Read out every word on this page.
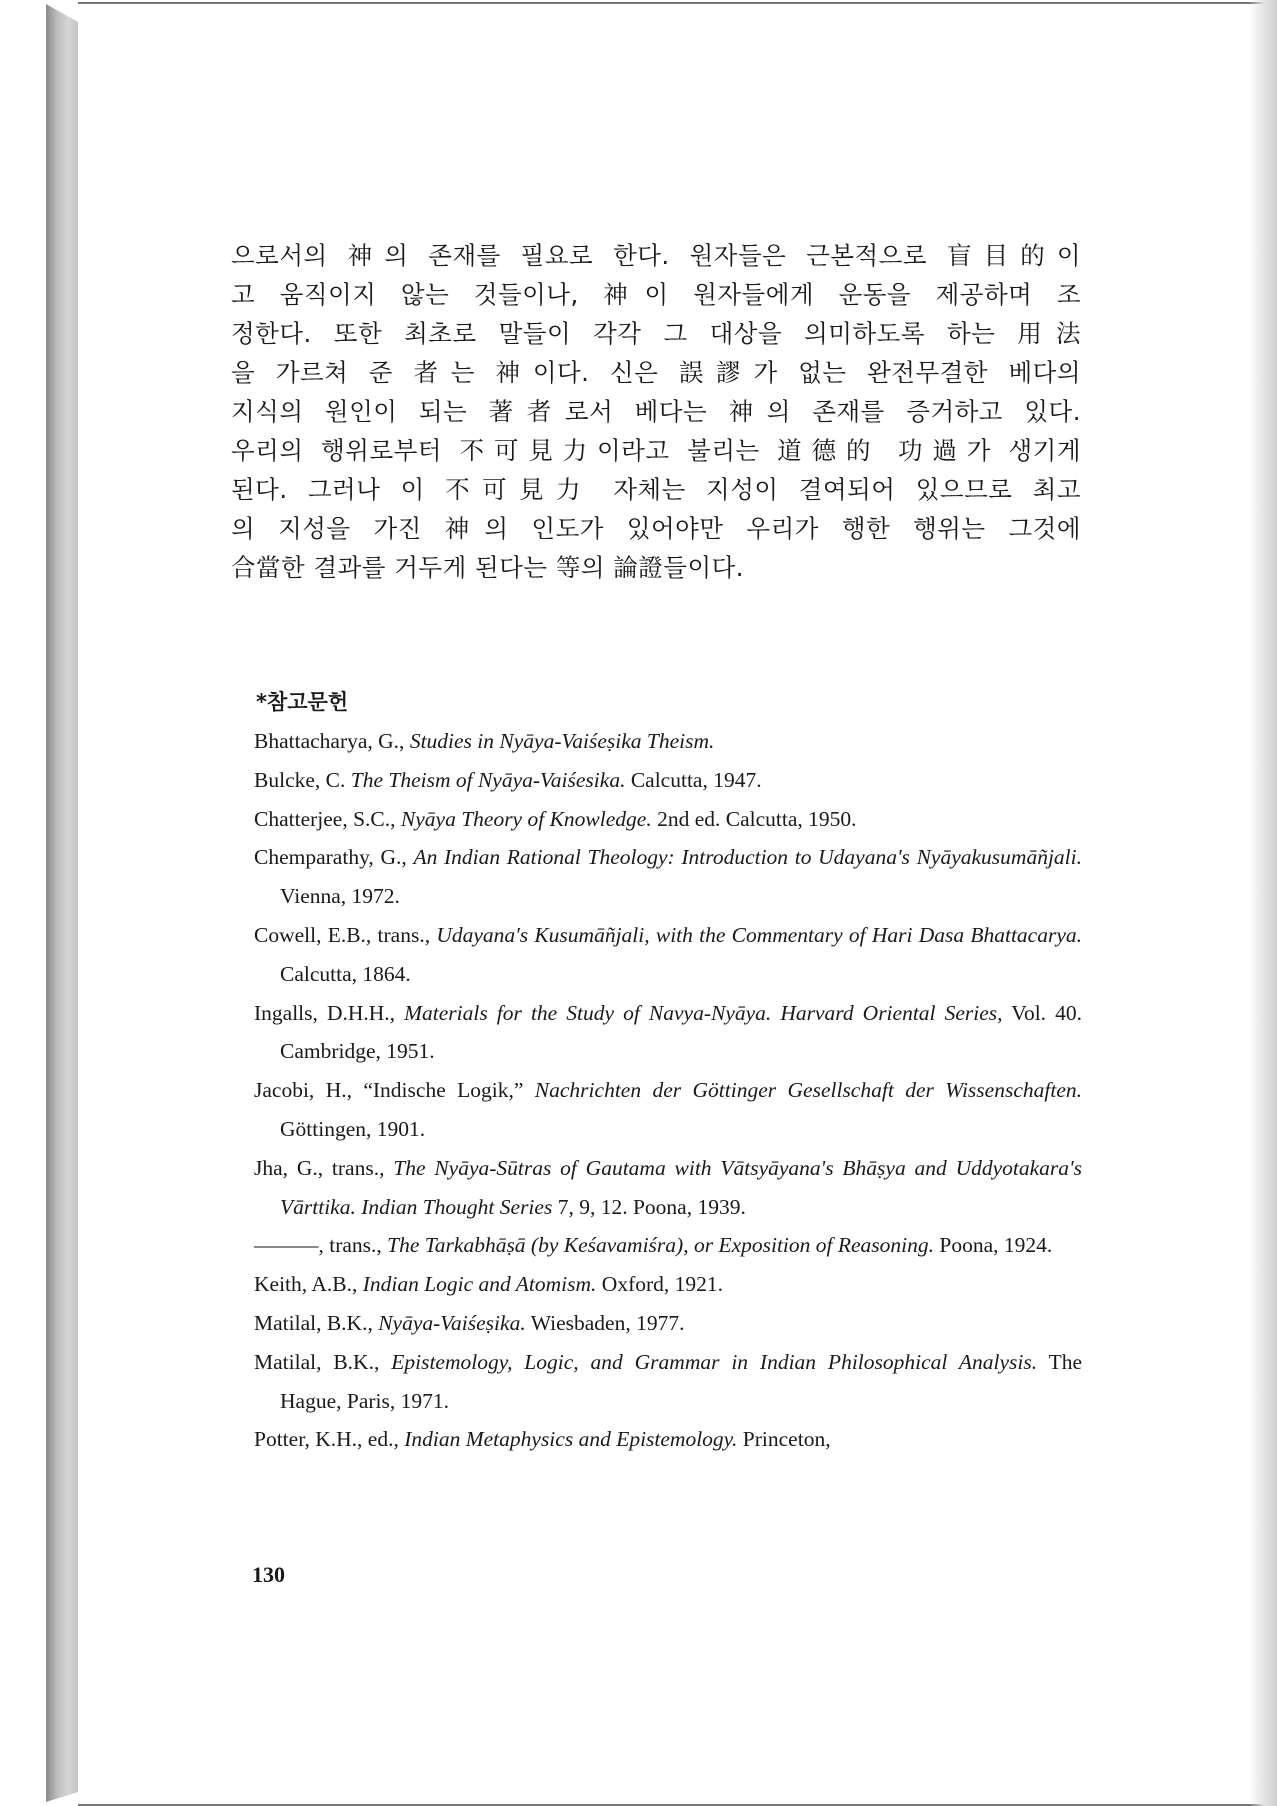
으로서의 神의 존재를 필요로 한다. 원자들은 근본적으로 盲目的이
고 움직이지 않는 것들이나, 神이 원자들에게 운동을 제공하며 조
정한다. 또한 최초로 말들이 각각 그 대상을 의미하도록 하는 用法
을 가르쳐 준 者는 神이다. 신은 誤謬가 없는 완전무결한 베다의
지식의 원인이 되는 著者로서 베다는 神의 존재를 증거하고 있다.
우리의 행위로부터 不可見力이라고 불리는 道德的 功過가 생기게
된다. 그러나 이 不可見力 자체는 지성이 결여되어 있으므로 최고
의 지성을 가진 神의 인도가 있어야만 우리가 행한 행위는 그것에
合當한 결과를 거두게 된다는 等의 論證들이다.

*참고문헌
Bhattacharya, G., Studies in Nyāya-Vaiśeṣika Theism.
Bulcke, C. The Theism of Nyāya-Vaiśesika. Calcutta, 1947.
Chatterjee, S.C., Nyāya Theory of Knowledge. 2nd ed. Calcutta, 1950.
Chemparathy, G., An Indian Rational Theology: Introduction to Udayana's Nyāyakusumāñjali. Vienna, 1972.
Cowell, E.B., trans., Udayana's Kusumāñjali, with the Commentary of Hari Dasa Bhattacarya. Calcutta, 1864.
Ingalls, D.H.H., Materials for the Study of Navya-Nyāya. Harvard Oriental Series, Vol. 40. Cambridge, 1951.
Jacobi, H., “Indische Logik,” Nachrichten der Göttinger Gesellschaft der Wissenschaften. Göttingen, 1901.
Jha, G., trans., The Nyāya-Sūtras of Gautama with Vātsyāyana's Bhāṣya and Uddyotakara's Vārttika. Indian Thought Series 7, 9, 12. Poona, 1939.
———, trans., The Tarkabhāṣā (by Keśavamiśra), or Exposition of Reasoning. Poona, 1924.
Keith, A.B., Indian Logic and Atomism. Oxford, 1921.
Matilal, B.K., Nyāya-Vaiśeṣika. Wiesbaden, 1977.
Matilal, B.K., Epistemology, Logic, and Grammar in Indian Philosophical Analysis. The Hague, Paris, 1971.
Potter, K.H., ed., Indian Metaphysics and Epistemology. Princeton,
130
